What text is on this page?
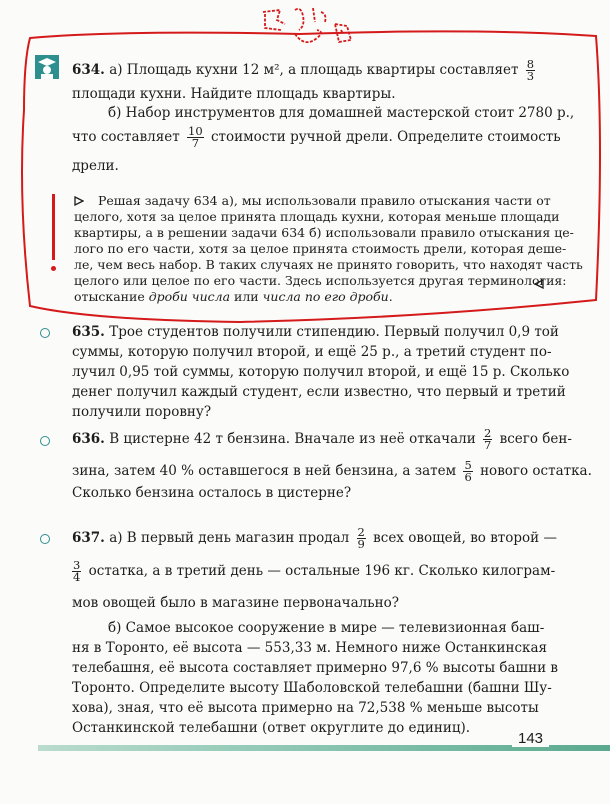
634. а) Площадь кухни 12 м², а площадь квартиры составляет $\frac{8}{3}$
площади кухни. Найдите площадь квартиры.
б) Набор инструментов для домашней мастерской стоит 2780 р.,
что составляет $\frac{10}{7}$ стоимости ручной дрели. Определите стоимость
дрели.
Решая задачу 634 а), мы использовали правило отыскания части от
целого, хотя за целое принята площадь кухни, которая меньше площади
квартиры, а в решении задачи 634 б) использовали правило отыскания це-
лого по его части, хотя за целое принята стоимость дрели, которая деше-
ле, чем весь набор. В таких случаях не принято говорить, что находят часть
целого или целое по его части. Здесь используется другая терминология:
отыскание дроби числа или числа по его дроби.
635. Трое студентов получили стипендию. Первый получил 0,9 той
суммы, которую получил второй, и ещё 25 р., а третий студент по-
лучил 0,95 той суммы, которую получил второй, и ещё 15 р. Сколько
денег получил каждый студент, если известно, что первый и третий
получили поровну?
636. В цистерне 42 т бензина. Вначале из неё откачали $\frac{2}{7}$ всего бен-
зина, затем 40 % оставшегося в ней бензина, а затем $\frac{5}{6}$ нового остатка.
Сколько бензина осталось в цистерне?
637. а) В первый день магазин продал $\frac{2}{9}$ всех овощей, во второй —
$\frac{3}{4}$ остатка, а в третий день — остальные 196 кг. Сколько килограм-
мов овощей было в магазине первоначально?
б) Самое высокое сооружение в мире — телевизионная баш-
ня в Торонто, её высота — 553,33 м. Немного ниже Останкинская
телебашня, её высота составляет примерно 97,6 % высоты башни в
Торонто. Определите высоту Шаболовской телебашни (башни Шу-
хова), зная, что её высота примерно на 72,538 % меньше высоты
Останкинской телебашни (ответ округлите до единиц).
143
